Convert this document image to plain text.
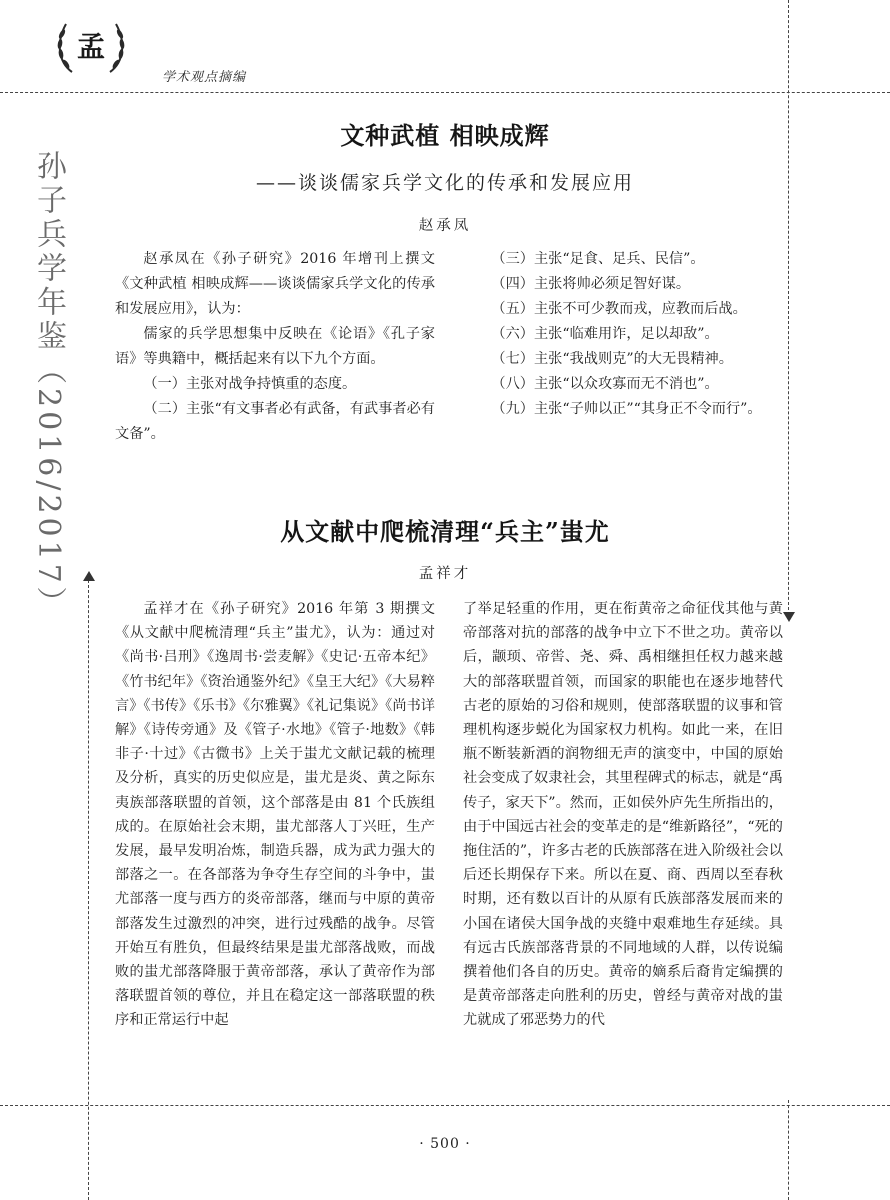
孟
学术观点摘编
孙子兵学年鉴（2016/2017）
文种武植 相映成辉
——谈谈儒家兵学文化的传承和发展应用
赵承凤

赵承凤在《孙子研究》2016 年增刊上撰文《文种武植 相映成辉——谈谈儒家兵学文化的传承和发展应用》，认为：

儒家的兵学思想集中反映在《论语》《孔子家语》等典籍中，概括起来有以下九个方面。

（一）主张对战争持慎重的态度。

（二）主张“有文事者必有武备，有武事者必有文备”。

（三）主张“足食、足兵、民信”。

（四）主张将帅必须足智好谋。

（五）主张不可少教而戎，应教而后战。

（六）主张“临难用诈，足以却敌”。

（七）主张“我战则克”的大无畏精神。

（八）主张“以众攻寡而无不消也”。

（九）主张“子帅以正”“其身正不令而行”。

从文献中爬梳清理“兵主”蚩尤
孟祥才

孟祥才在《孙子研究》2016 年第 3 期撰文《从文献中爬梳清理“兵主”蚩尤》，认为：通过对《尚书·吕刑》《逸周书·尝麦解》《史记·五帝本纪》《竹书纪年》《资治通鉴外纪》《皇王大纪》《大易粹言》《书传》《乐书》《尔雅翼》《礼记集说》《尚书详解》《诗传旁通》及《管子·水地》《管子·地数》《韩非子·十过》《古微书》上关于蚩尤文献记载的梳理及分析，真实的历史似应是，蚩尤是炎、黄之际东夷族部落联盟的首领，这个部落是由 81 个氏族组成的。在原始社会末期，蚩尤部落人丁兴旺，生产发展，最早发明冶炼，制造兵器，成为武力强大的部落之一。在各部落为争夺生存空间的斗争中，蚩尤部落一度与西方的炎帝部落，继而与中原的黄帝部落发生过激烈的冲突，进行过残酷的战争。尽管开始互有胜负，但最终结果是蚩尤部落战败，而战败的蚩尤部落降服于黄帝部落，承认了黄帝作为部落联盟首领的尊位，并且在稳定这一部落联盟的秩序和正常运行中起

了举足轻重的作用，更在衔黄帝之命征伐其他与黄帝部落对抗的部落的战争中立下不世之功。黄帝以后，颛顼、帝喾、尧、舜、禹相继担任权力越来越大的部落联盟首领，而国家的职能也在逐步地替代古老的原始的习俗和规则，使部落联盟的议事和管理机构逐步蜕化为国家权力机构。如此一来，在旧瓶不断装新酒的润物细无声的演变中，中国的原始社会变成了奴隶社会，其里程碑式的标志，就是“禹传子，家天下”。然而，正如侯外庐先生所指出的，由于中国远古社会的变革走的是“维新路径”，“死的拖住活的”，许多古老的氏族部落在进入阶级社会以后还长期保存下来。所以在夏、商、西周以至春秋时期，还有数以百计的从原有氏族部落发展而来的小国在诸侯大国争战的夹缝中艰难地生存延续。具有远古氏族部落背景的不同地域的人群，以传说编撰着他们各自的历史。黄帝的嫡系后裔肯定编撰的是黄帝部落走向胜利的历史，曾经与黄帝对战的蚩尤就成了邪恶势力的代

· 500 ·
